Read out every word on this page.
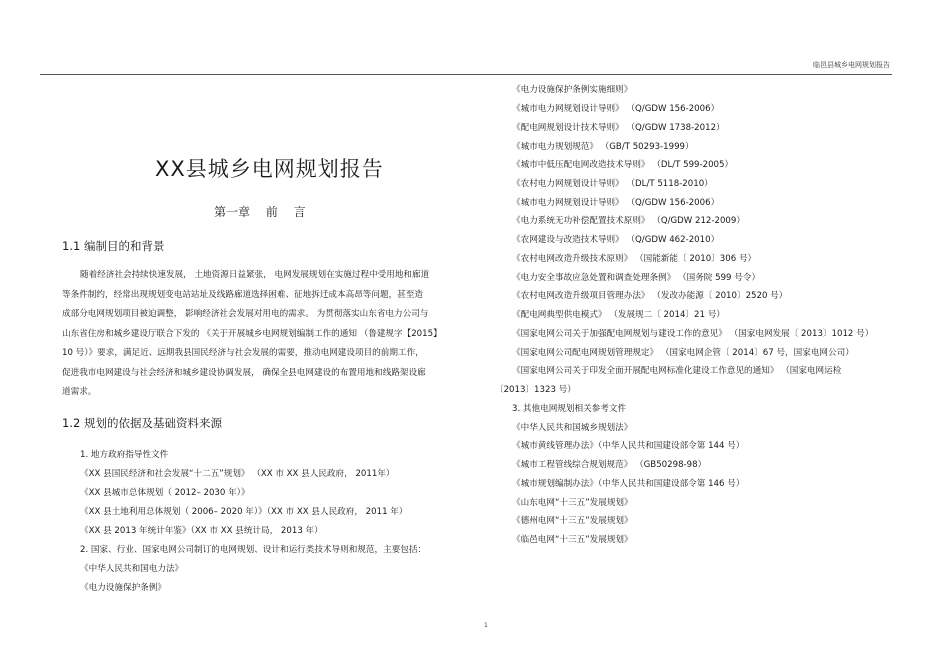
临邑县城乡电网规划报告
XX县城乡电网规划报告
第一章 前 言
1.1 编制目的和背景
随着经济社会持续快速发展， 土地资源日益紧张， 电网发展规划在实施过程中受用地和廊道
等条件制约，经常出现规划变电站站址及线路廊道选择困难、征地拆迁成本高昂等问题，甚至造
成部分电网规划项目被迫调整， 影响经济社会发展对用电的需求。 为贯彻落实山东省电力公司与
山东省住房和城乡建设厅联合下发的 《关于开展城乡电网规划编制工作的通知 （鲁建规字【2015】
10 号）》要求，满足近、远期我县国民经济与社会发展的需要，推动电网建设项目的前期工作，
促进我市电网建设与社会经济和城乡建设协调发展， 确保全县电网建设的布置用地和线路架设廊
道需求。
1.2 规划的依据及基础资料来源
1. 地方政府指导性文件
《XX 县国民经济和社会发展“十二五”规划》 （XX 市 XX 县人民政府， 2011年）
《XX 县城市总体规划（ 2012– 2030 年）》
《XX 县土地利用总体规划（ 2006– 2020 年）》（XX 市 XX 县人民政府， 2011 年）
《XX 县 2013 年统计年鉴》（XX 市 XX 县统计局， 2013 年）
2. 国家、行业、国家电网公司制订的电网规划、设计和运行类技术导则和规范，主要包括：
《中华人民共和国电力法》
《电力设施保护条例》
《电力设施保护条例实施细则》
《城市电力网规划设计导则》 （Q/GDW 156-2006）
《配电网规划设计技术导则》 （Q/GDW 1738-2012）
《城市电力规划规范》 （GB/T 50293-1999）
《城市中低压配电网改造技术导则》 （DL/T 599-2005）
《农村电力网规划设计导则》 （DL/T 5118-2010）
《城市电力网规划设计导则》 （Q/GDW 156-2006）
《电力系统无功补偿配置技术原则》 （Q/GDW 212-2009）
《农网建设与改造技术导则》 （Q/GDW 462-2010）
《农村电网改造升级技术原则》 （国能新能〔 2010〕306 号）
《电力安全事故应急处置和调查处理条例》 （国务院 599 号令）
《农村电网改造升级项目管理办法》 （发改办能源〔 2010〕2520 号）
《配电网典型供电模式》 （发展规二〔 2014〕21 号）
《国家电网公司关于加强配电网规划与建设工作的意见》 （国家电网发展〔 2013〕1012 号）
《国家电网公司配电网规划管理规定》 （国家电网企管〔 2014〕67 号，国家电网公司）
《国家电网公司关于印发全面开展配电网标准化建设工作意见的通知》 （国家电网运检
〔2013〕1323 号）
3. 其他电网规划相关参考文件
《中华人民共和国城乡规划法》
《城市黄线管理办法》（中华人民共和国建设部令第 144 号）
《城市工程管线综合规划规范》 （GB50298-98）
《城市规划编制办法》（中华人民共和国建设部令第 146 号）
《山东电网“十三五”发展规划》
《德州电网“十三五”发展规划》
《临邑电网“十三五”发展规划》
1
